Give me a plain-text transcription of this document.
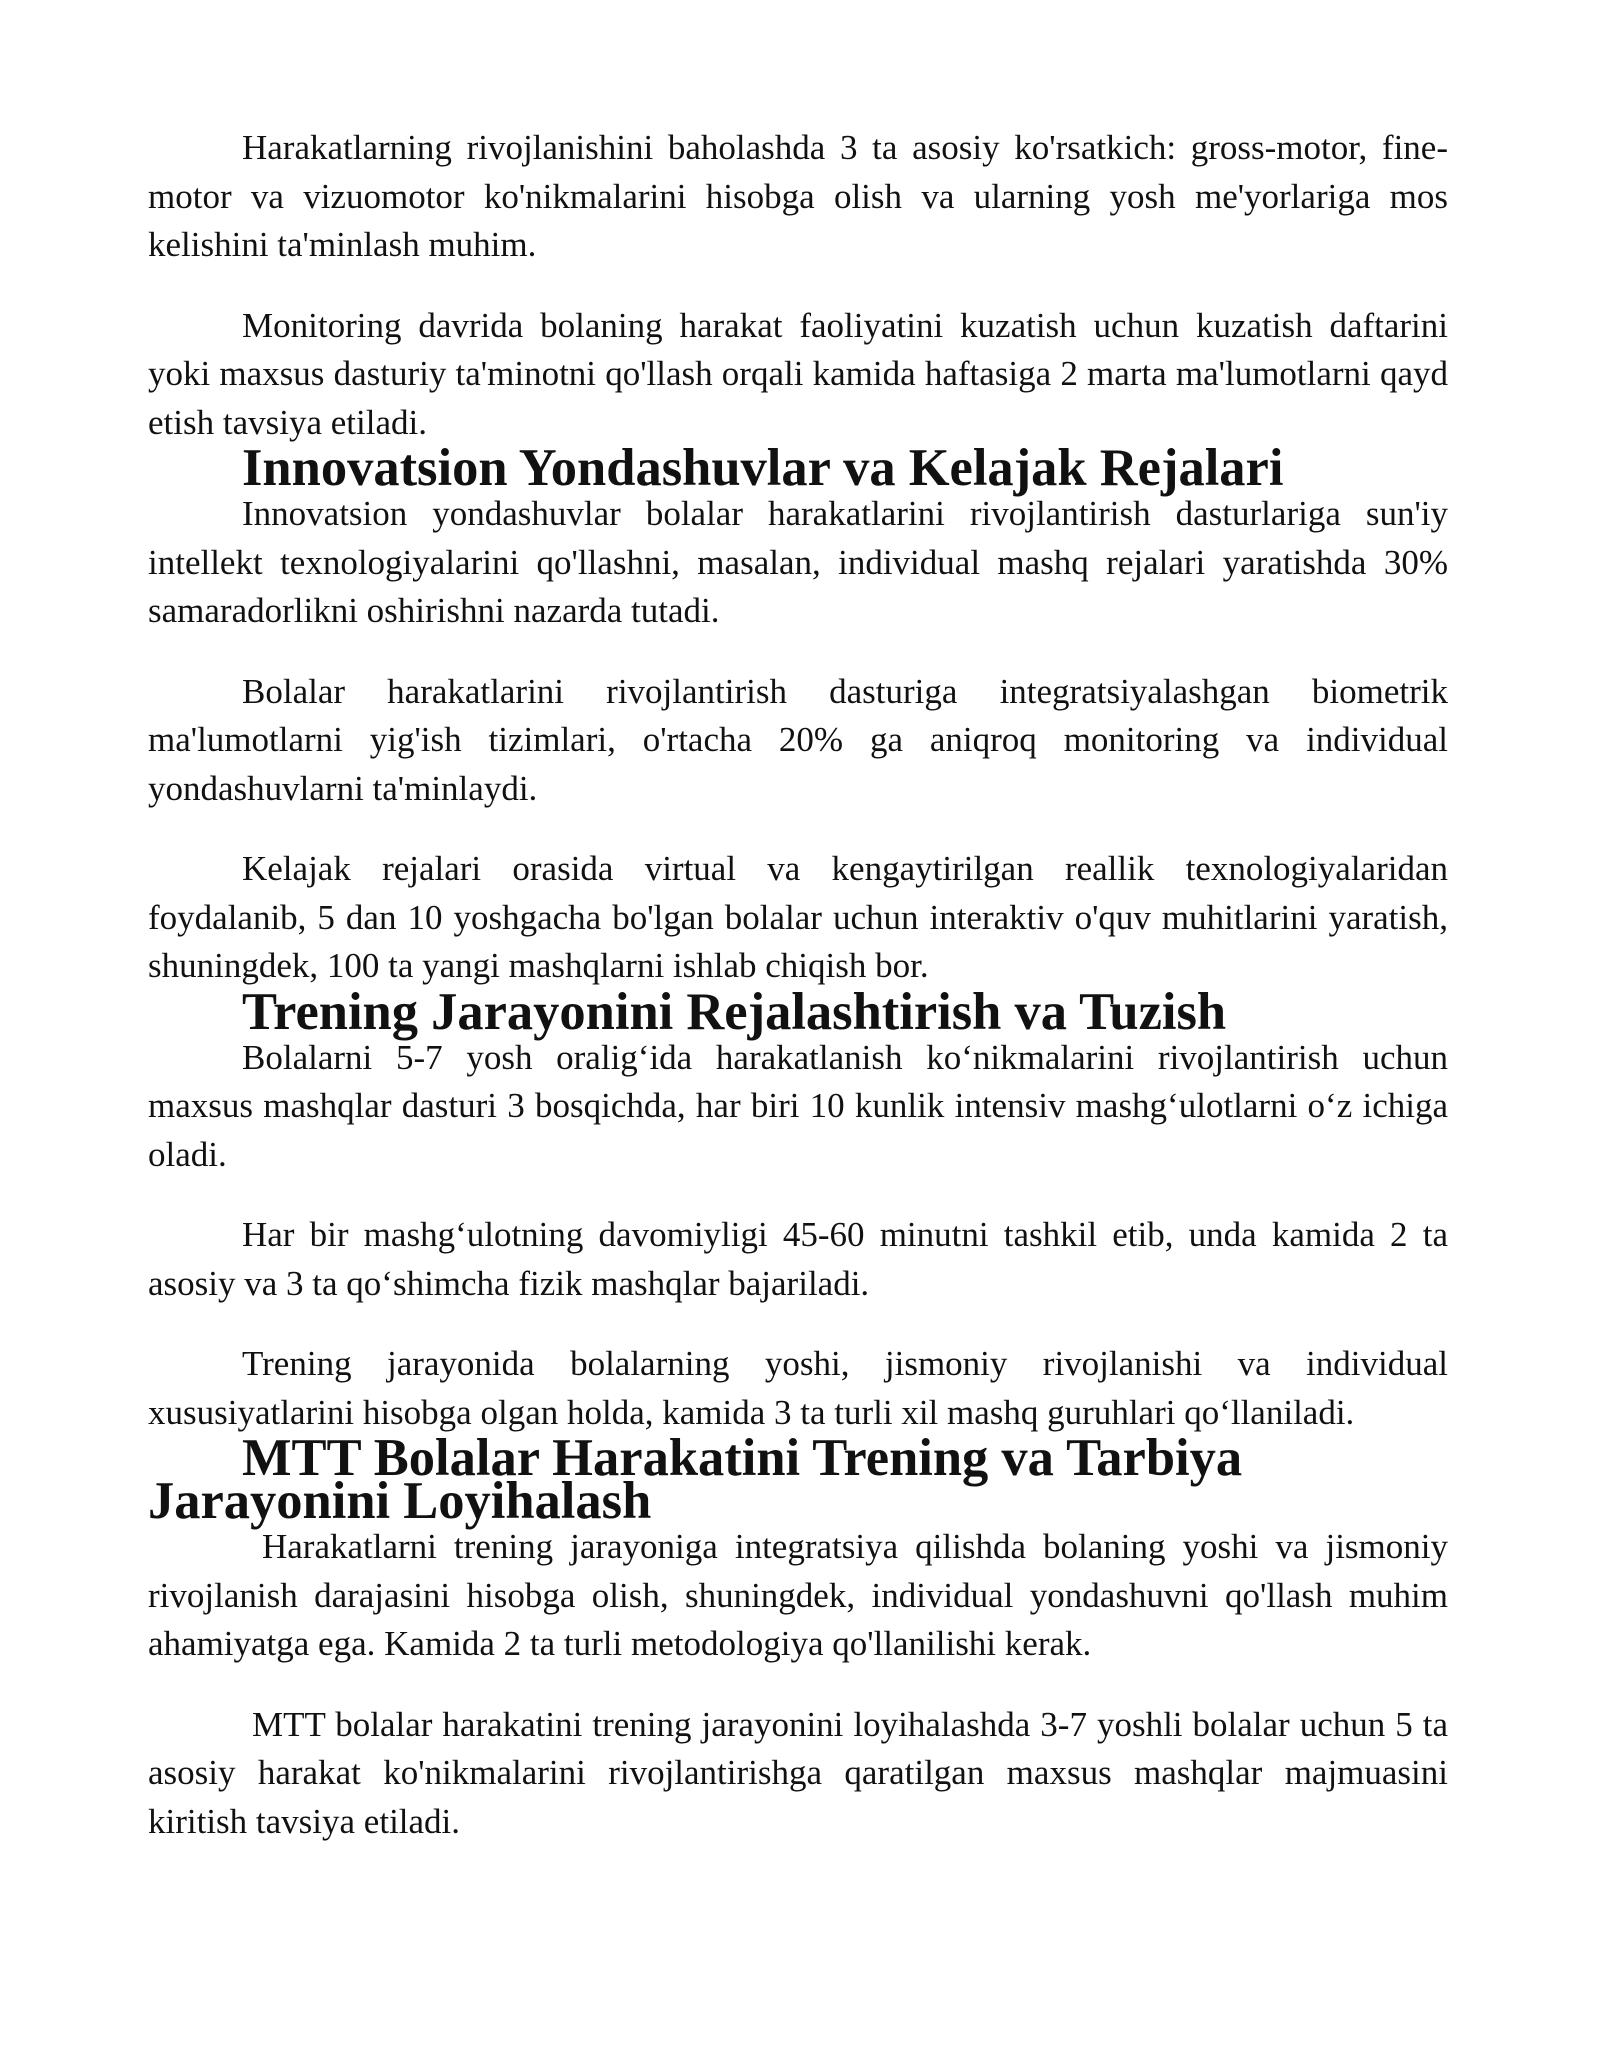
Harakatlarning rivojlanishini baholashda 3 ta asosiy ko'rsatkich: gross-motor, fine-motor va vizuomotor ko'nikmalarini hisobga olish va ularning yosh me'yorlariga mos kelishini ta'minlash muhim.

Monitoring davrida bolaning harakat faoliyatini kuzatish uchun kuzatish daftarini yoki maxsus dasturiy ta'minotni qo'llash orqali kamida haftasiga 2 marta ma'lumotlarni qayd etish tavsiya etiladi.

Innovatsion Yondashuvlar va Kelajak Rejalari

Innovatsion yondashuvlar bolalar harakatlarini rivojlantirish dasturlariga sun'iy intellekt texnologiyalarini qo'llashni, masalan, individual mashq rejalari yaratishda 30% samaradorlikni oshirishni nazarda tutadi.

Bolalar harakatlarini rivojlantirish dasturiga integratsiyalashgan biometrik ma'lumotlarni yig'ish tizimlari, o'rtacha 20% ga aniqroq monitoring va individual yondashuvlarni ta'minlaydi.

Kelajak rejalari orasida virtual va kengaytirilgan reallik texnologiyalaridan foydalanib, 5 dan 10 yoshgacha bo'lgan bolalar uchun interaktiv o'quv muhitlarini yaratish, shuningdek, 100 ta yangi mashqlarni ishlab chiqish bor.

Trening Jarayonini Rejalashtirish va Tuzish

Bolalarni 5-7 yosh oralig‘ida harakatlanish ko‘nikmalarini rivojlantirish uchun maxsus mashqlar dasturi 3 bosqichda, har biri 10 kunlik intensiv mashg‘ulotlarni o‘z ichiga oladi.

Har bir mashg‘ulotning davomiyligi 45-60 minutni tashkil etib, unda kamida 2 ta asosiy va 3 ta qo‘shimcha fizik mashqlar bajariladi.

Trening jarayonida bolalarning yoshi, jismoniy rivojlanishi va individual xususiyatlarini hisobga olgan holda, kamida 3 ta turli xil mashq guruhlari qo‘llaniladi.

MTT Bolalar Harakatini Trening va Tarbiya Jarayonini Loyihalash

Harakatlarni trening jarayoniga integratsiya qilishda bolaning yoshi va jismoniy rivojlanish darajasini hisobga olish, shuningdek, individual yondashuvni qo'llash muhim ahamiyatga ega. Kamida 2 ta turli metodologiya qo'llanilishi kerak.

MTT bolalar harakatini trening jarayonini loyihalashda 3-7 yoshli bolalar uchun 5 ta asosiy harakat ko'nikmalarini rivojlantirishga qaratilgan maxsus mashqlar majmuasini kiritish tavsiya etiladi.
